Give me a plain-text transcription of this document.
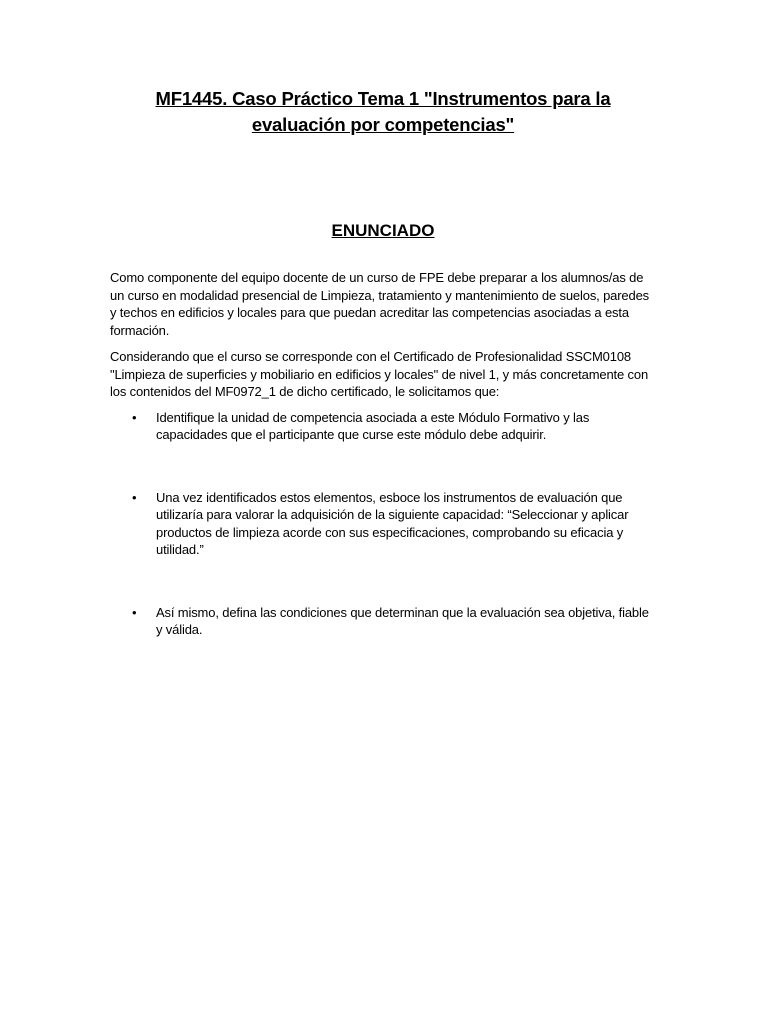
MF1445. Caso Práctico Tema 1 "Instrumentos para la evaluación por competencias"
ENUNCIADO

Como componente del equipo docente de un curso de FPE debe preparar a los alumnos/as de un curso en modalidad presencial de Limpieza, tratamiento y mantenimiento de suelos, paredes y techos en edificios y locales para que puedan acreditar las competencias asociadas a esta formación.

Considerando que el curso se corresponde con el Certificado de Profesionalidad SSCM0108 "Limpieza de superficies y mobiliario en edificios y locales" de nivel 1, y más concretamente con los contenidos del MF0972_1 de dicho certificado, le solicitamos que:

•	Identifique la unidad de competencia asociada a este Módulo Formativo y las capacidades que el participante que curse este módulo debe adquirir.
•	Una vez identificados estos elementos, esboce los instrumentos de evaluación que utilizaría para valorar la adquisición de la siguiente capacidad: “Seleccionar y aplicar productos de limpieza acorde con sus especificaciones, comprobando su eficacia y utilidad.”
•	Así mismo, defina las condiciones que determinan que la evaluación sea objetiva, fiable y válida.
